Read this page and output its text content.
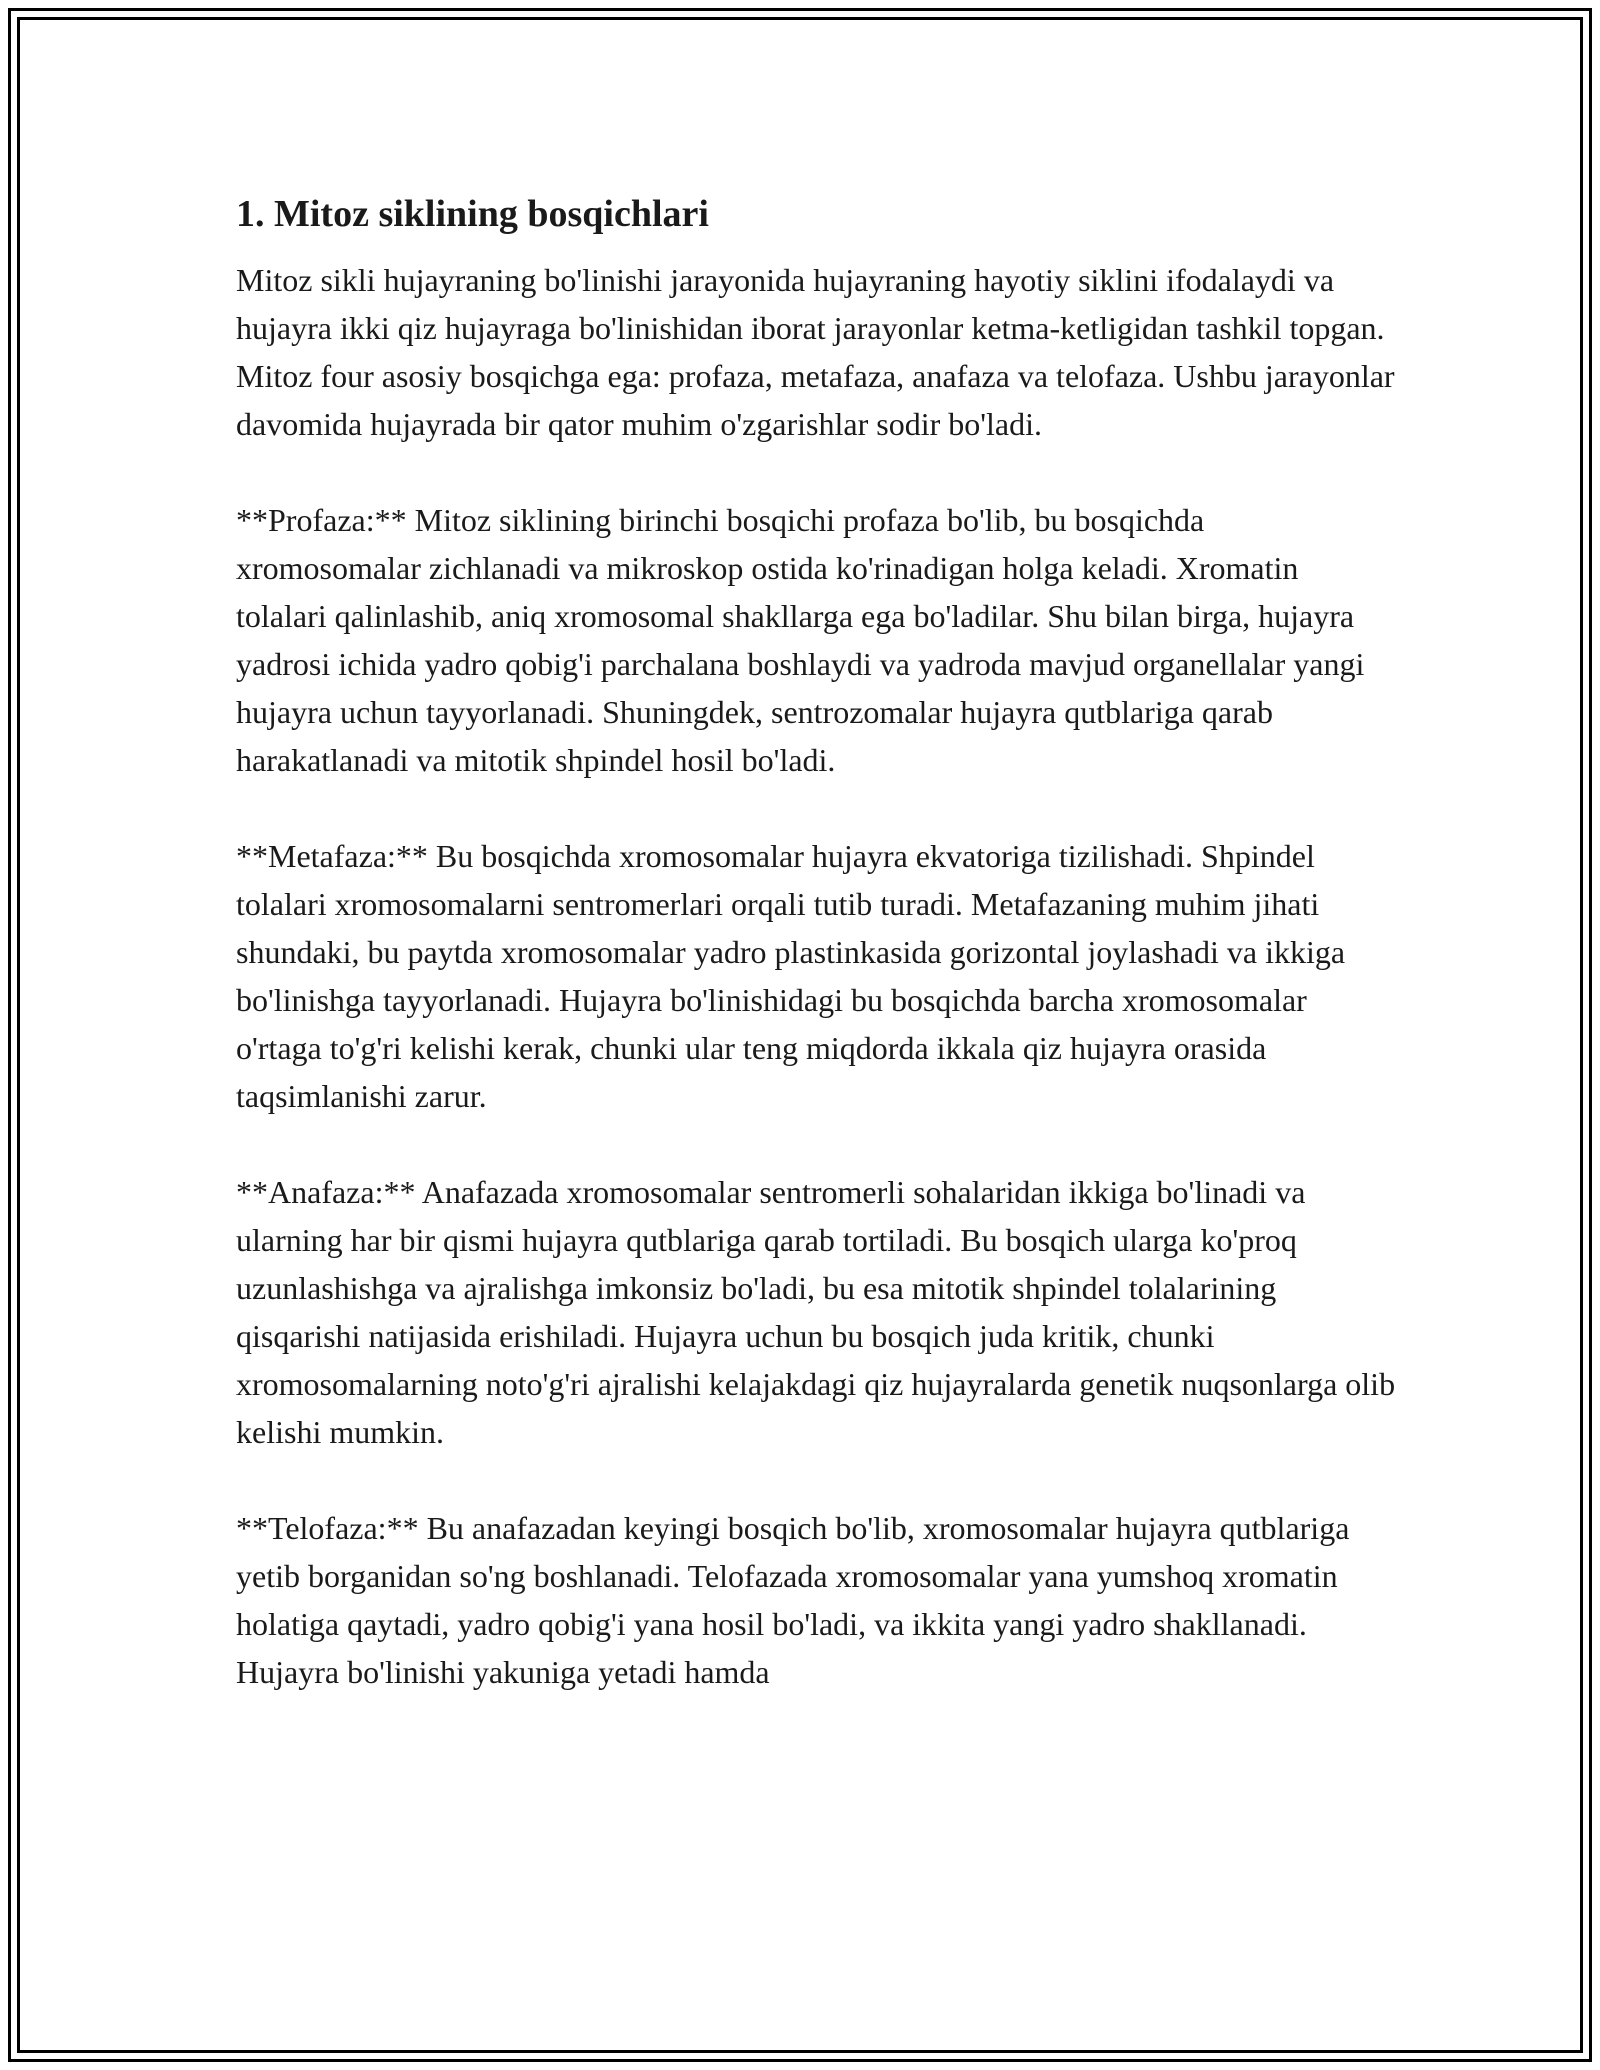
1. Mitoz siklining bosqichlari

Mitoz sikli hujayraning bo'linishi jarayonida hujayraning hayotiy siklini ifodalaydi va hujayra ikki qiz hujayraga bo'linishidan iborat jarayonlar ketma-ketligidan tashkil topgan. Mitoz four asosiy bosqichga ega: profaza, metafaza, anafaza va telofaza. Ushbu jarayonlar davomida hujayrada bir qator muhim o'zgarishlar sodir bo'ladi.

**Profaza:** Mitoz siklining birinchi bosqichi profaza bo'lib, bu bosqichda xromosomalar zichlanadi va mikroskop ostida ko'rinadigan holga keladi. Xromatin tolalari qalinlashib, aniq xromosomal shakllarga ega bo'ladilar. Shu bilan birga, hujayra yadrosi ichida yadro qobig'i parchalana boshlaydi va yadroda mavjud organellalar yangi hujayra uchun tayyorlanadi. Shuningdek, sentrozomalar hujayra qutblariga qarab harakatlanadi va mitotik shpindel hosil bo'ladi.

**Metafaza:** Bu bosqichda xromosomalar hujayra ekvatoriga tizilishadi. Shpindel tolalari xromosomalarni sentromerlari orqali tutib turadi. Metafazaning muhim jihati shundaki, bu paytda xromosomalar yadro plastinkasida gorizontal joylashadi va ikkiga bo'linishga tayyorlanadi. Hujayra bo'linishidagi bu bosqichda barcha xromosomalar o'rtaga to'g'ri kelishi kerak, chunki ular teng miqdorda ikkala qiz hujayra orasida taqsimlanishi zarur.

**Anafaza:** Anafazada xromosomalar sentromerli sohalaridan ikkiga bo'linadi va ularning har bir qismi hujayra qutblariga qarab tortiladi. Bu bosqich ularga ko'proq uzunlashishga va ajralishga imkonsiz bo'ladi, bu esa mitotik shpindel tolalarining qisqarishi natijasida erishiladi. Hujayra uchun bu bosqich juda kritik, chunki xromosomalarning noto'g'ri ajralishi kelajakdagi qiz hujayralarda genetik nuqsonlarga olib kelishi mumkin.

**Telofaza:** Bu anafazadan keyingi bosqich bo'lib, xromosomalar hujayra qutblariga yetib borganidan so'ng boshlanadi. Telofazada xromosomalar yana yumshoq xromatin holatiga qaytadi, yadro qobig'i yana hosil bo'ladi, va ikkita yangi yadro shakllanadi. Hujayra bo'linishi yakuniga yetadi hamda
